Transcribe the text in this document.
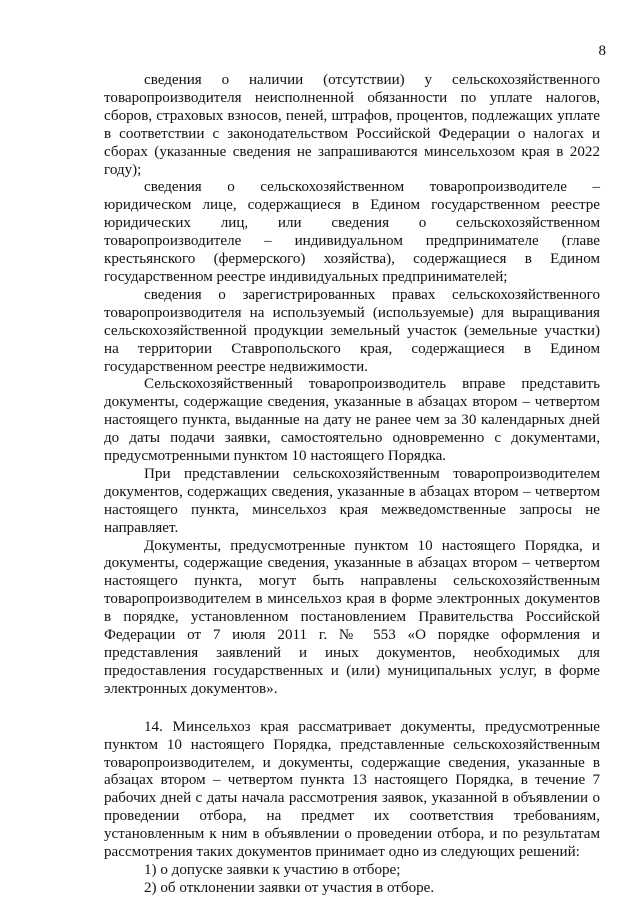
8

сведения о наличии (отсутствии) у сельскохозяйственного товаропроизводителя неисполненной обязанности по уплате налогов, сборов, страховых взносов, пеней, штрафов, процентов, подлежащих уплате в соответствии с законодательством Российской Федерации о налогах и сборах (указанные сведения не запрашиваются минсельхозом края в 2022 году);

сведения о сельскохозяйственном товаропроизводителе – юридическом лице, содержащиеся в Едином государственном реестре юридических лиц, или сведения о сельскохозяйственном товаропроизводителе – индивидуальном предпринимателе (главе крестьянского (фермерского) хозяйства), содержащиеся в Едином государственном реестре индивидуальных предпринимателей;

сведения о зарегистрированных правах сельскохозяйственного товаропроизводителя на используемый (используемые) для выращивания сельскохозяйственной продукции земельный участок (земельные участки) на территории Ставропольского края, содержащиеся в Едином государственном реестре недвижимости.

Сельскохозяйственный товаропроизводитель вправе представить документы, содержащие сведения, указанные в абзацах втором – четвертом настоящего пункта, выданные на дату не ранее чем за 30 календарных дней до даты подачи заявки, самостоятельно одновременно с документами, предусмотренными пунктом 10 настоящего Порядка.

При представлении сельскохозяйственным товаропроизводителем документов, содержащих сведения, указанные в абзацах втором – четвертом настоящего пункта, минсельхоз края межведомственные запросы не направляет.

Документы, предусмотренные пунктом 10 настоящего Порядка, и документы, содержащие сведения, указанные в абзацах втором – четвертом настоящего пункта, могут быть направлены сельскохозяйственным товаропроизводителем в минсельхоз края в форме электронных документов в порядке, установленном постановлением Правительства Российской Федерации от 7 июля 2011 г. № 553 «О порядке оформления и представления заявлений и иных документов, необходимых для предоставления государственных и (или) муниципальных услуг, в форме электронных документов».

14. Минсельхоз края рассматривает документы, предусмотренные пунктом 10 настоящего Порядка, представленные сельскохозяйственным товаропроизводителем, и документы, содержащие сведения, указанные в абзацах втором – четвертом пункта 13 настоящего Порядка, в течение 7 рабочих дней с даты начала рассмотрения заявок, указанной в объявлении о проведении отбора, на предмет их соответствия требованиям, установленным к ним в объявлении о проведении отбора, и по результатам рассмотрения таких документов принимает одно из следующих решений:

1) о допуске заявки к участию в отборе;

2) об отклонении заявки от участия в отборе.
